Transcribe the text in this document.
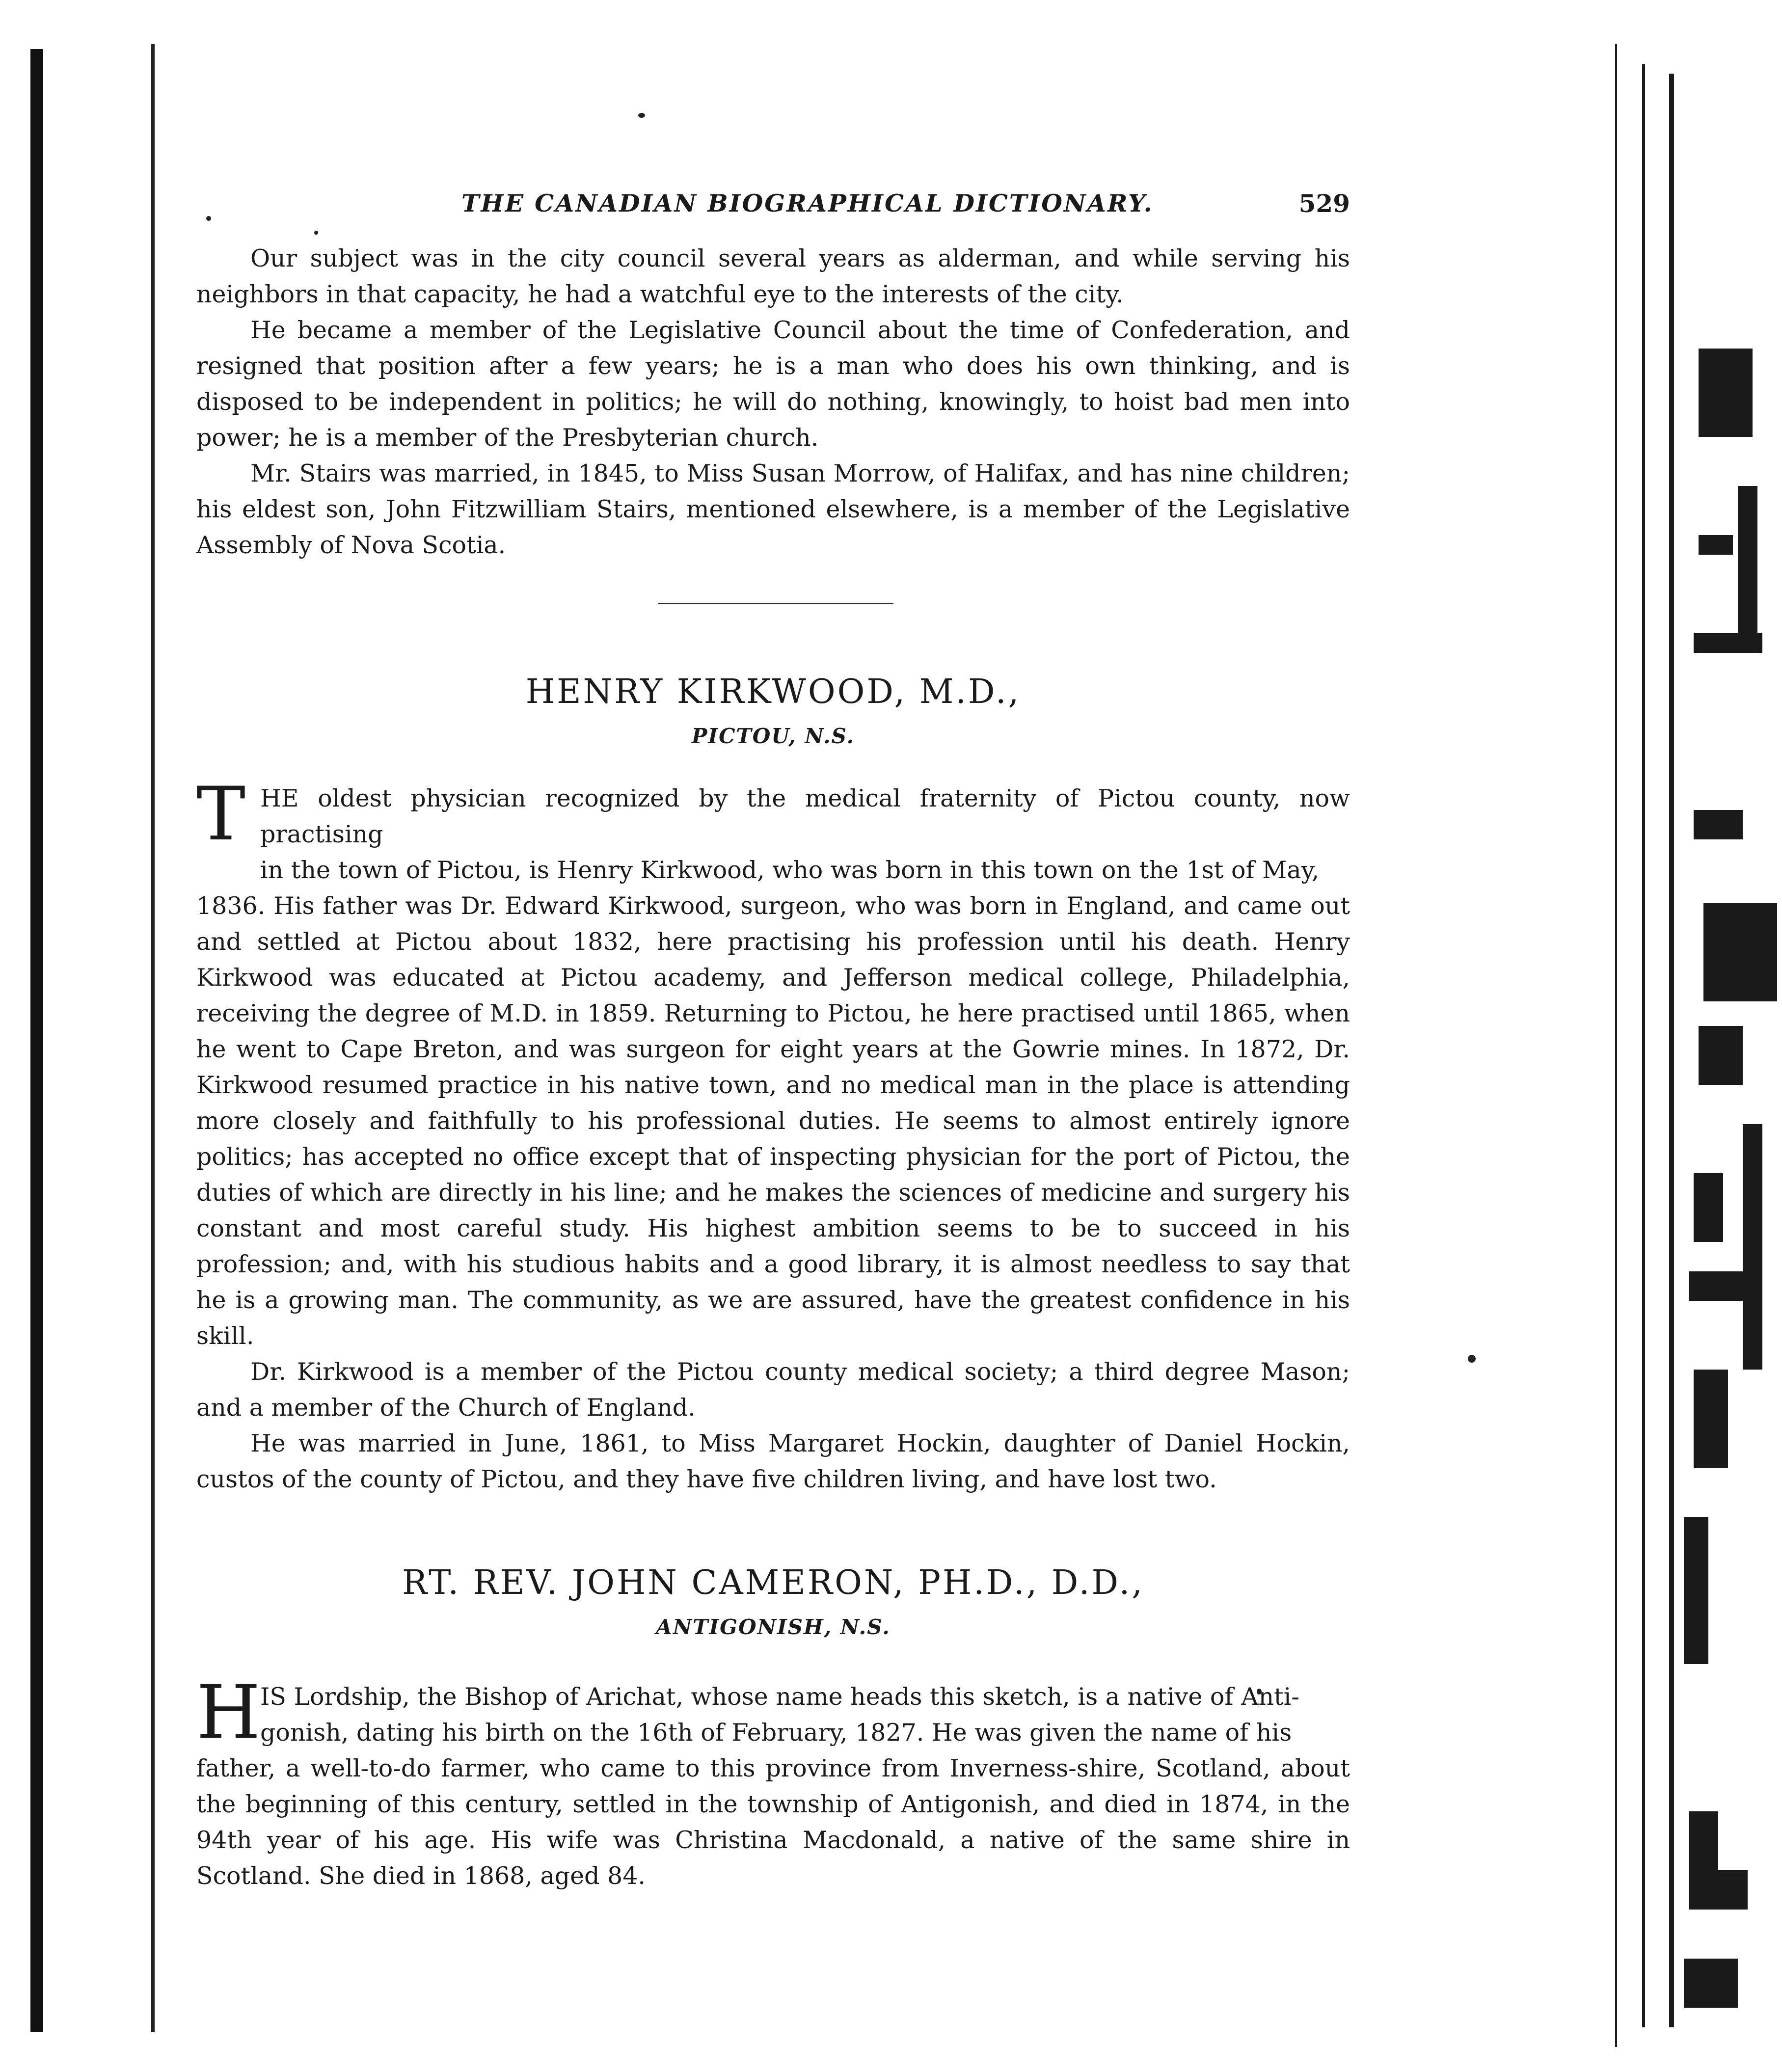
THE CANADIAN BIOGRAPHICAL DICTIONARY.	529

Our subject was in the city council several years as alderman, and while serving his neighbors in that capacity, he had a watchful eye to the interests of the city.

He became a member of the Legislative Council about the time of Confederation, and resigned that position after a few years; he is a man who does his own thinking, and is disposed to be independent in politics; he will do nothing, knowingly, to hoist bad men into power; he is a member of the Presbyterian church.

Mr. Stairs was married, in 1845, to Miss Susan Morrow, of Halifax, and has nine children; his eldest son, John Fitzwilliam Stairs, mentioned elsewhere, is a member of the Legislative Assembly of Nova Scotia.

HENRY KIRKWOOD, M.D.,
PICTOU, N.S.
T HE oldest physician recognized by the medical fraternity of Pictou county, now practising

in the town of Pictou, is Henry Kirkwood, who was born in this town on the 1st of May,

1836. His father was Dr. Edward Kirkwood, surgeon, who was born in England, and came out and settled at Pictou about 1832, here practising his profession until his death. Henry Kirkwood was educated at Pictou academy, and Jefferson medical college, Philadelphia, receiving the degree of M.D. in 1859. Returning to Pictou, he here practised until 1865, when he went to Cape Breton, and was surgeon for eight years at the Gowrie mines. In 1872, Dr. Kirkwood resumed practice in his native town, and no medical man in the place is attending more closely and faithfully to his professional duties. He seems to almost entirely ignore politics; has accepted no office except that of inspecting physician for the port of Pictou, the duties of which are directly in his line; and he makes the sciences of medicine and surgery his constant and most careful study. His highest ambition seems to be to succeed in his profession; and, with his studious habits and a good library, it is almost needless to say that he is a growing man. The community, as we are assured, have the greatest confidence in his skill.

Dr. Kirkwood is a member of the Pictou county medical society; a third degree Mason; and a member of the Church of England.

He was married in June, 1861, to Miss Margaret Hockin, daughter of Daniel Hockin, custos of the county of Pictou, and they have five children living, and have lost two.

RT. REV. JOHN CAMERON, PH.D., D.D.,
ANTIGONISH, N.S.
H IS Lordship, the Bishop of Arichat, whose name heads this sketch, is a native of Anti-

gonish, dating his birth on the 16th of February, 1827. He was given the name of his

father, a well-to-do farmer, who came to this province from Inverness-shire, Scotland, about the beginning of this century, settled in the township of Antigonish, and died in 1874, in the 94th year of his age. His wife was Christina Macdonald, a native of the same shire in Scotland. She died in 1868, aged 84.
